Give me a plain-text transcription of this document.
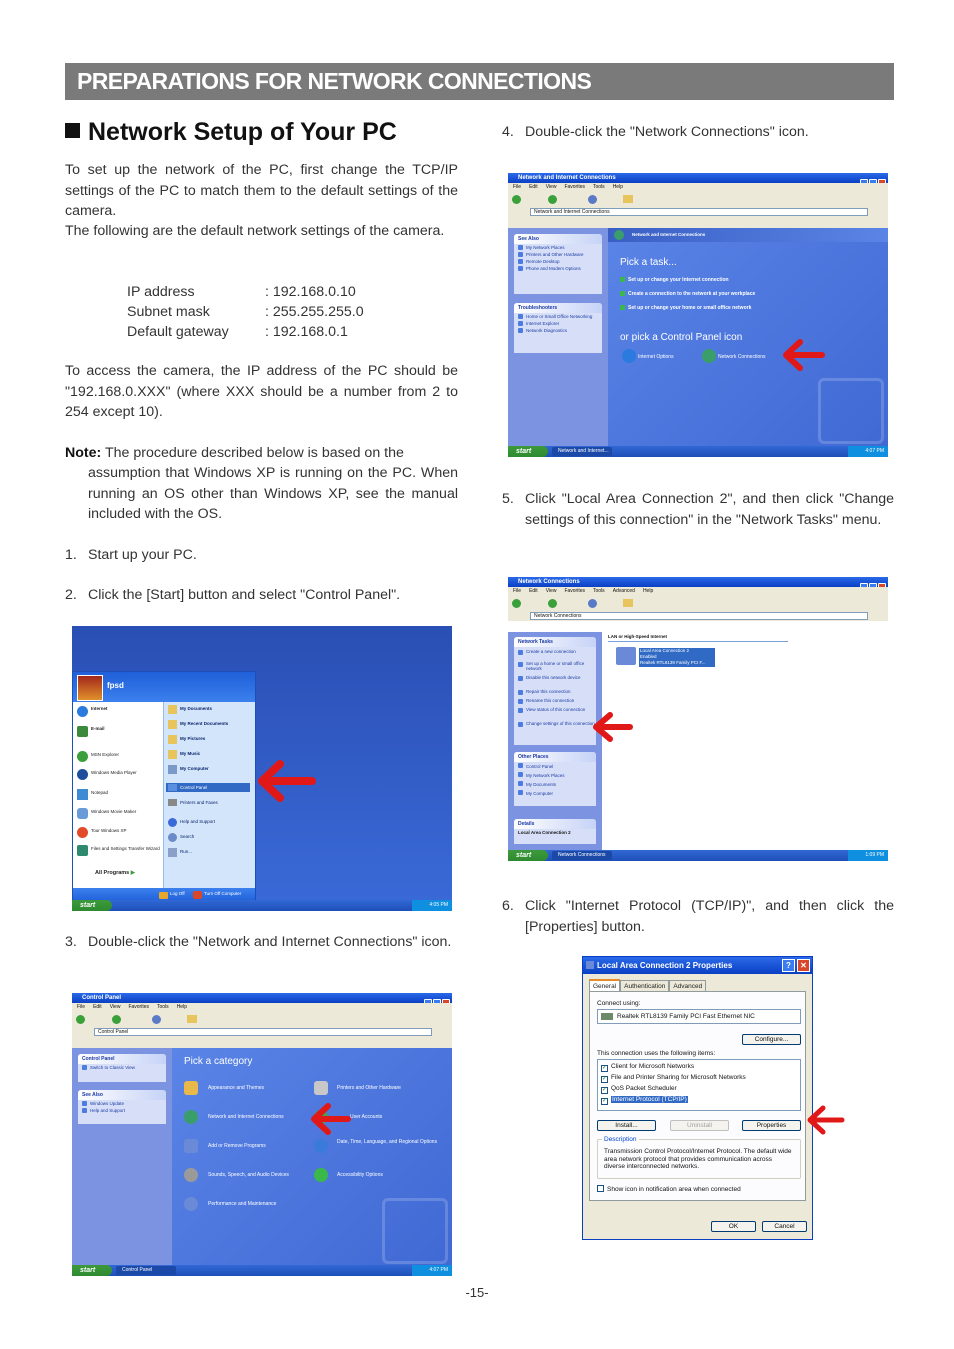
PREPARATIONS FOR NETWORK CONNECTIONS
Network Setup of Your PC
To set up the network of the PC, first change the TCP/IP settings of the PC to match them to the default settings of the camera.
The following are the default network settings of the camera.
IP address	: 192.168.0.10
Subnet mask	: 255.255.255.0
Default gateway	: 192.168.0.1
To access the camera, the IP address of the PC should be "192.168.0.XXX" (where XXX should be a number from 2 to 254 except 10).
Note: The procedure described below is based on the
assumption that Windows XP is running on the PC. When running an OS other than Windows XP, see the manual included with the OS.
1. Start up your PC.
2. Click the [Start] button and select "Control Panel".
3. Double-click the "Network and Internet Connections" icon.
4. Double-click the "Network Connections" icon.
5. Click "Local Area Connection 2", and then click "Change settings of this connection" in the "Network Tasks" menu.
6. Click "Internet Protocol (TCP/IP)", and then click the [Properties] button.
fpsd
Internet
E-mail
MSN Explorer
Windows Media Player
Notepad
Windows Movie Maker
Tour Windows XP
Files and Settings Transfer Wizard
All Programs ▶
My Documents
My Recent Documents
My Pictures
My Music
My Computer
Control Panel
Printers and Faxes
Help and Support
Search
Run...
Log Off	Turn Off Computer
start	4:05 PM
Control Panel
File Edit View Favorites Tools Help
Control Panel
Control Panel
Switch to Classic View
See Also
Windows Update
Help and Support
Pick a category
Appearance and Themes	Printers and Other Hardware
Network and Internet Connections	User Accounts
Add or Remove Programs
Date, Time, Language, and Regional Options
Sounds, Speech, and Audio Devices	Accessibility Options
Performance and Maintenance
start	Control Panel	4:07 PM
Network and Internet Connections
File Edit View Favorites Tools Help
Network and Internet Connections
See Also
My Network Places
Printers and Other Hardware
Remote Desktop
Phone and Modem Options
Troubleshooters
Home or Small Office Networking
Internet Explorer
Network Diagnostics
Network and Internet Connections
Pick a task...
Set up or change your Internet connection
Create a connection to the network at your workplace
Set up or change your home or small office network
or pick a Control Panel icon
Internet Options	Network Connections
start	Network and Internet...	4:07 PM
Network Connections
File Edit View Favorites Tools Advanced Help
Network Connections
Network Tasks
Create a new connection
Set up a home or small office network
Disable this network device
Repair this connection
Rename this connection
View status of this connection
Change settings of this connection
Other Places
Control Panel
My Network Places
My Documents
My Computer
Details
Local Area Connection 2
LAN or High-Speed Internet
Local Area Connection 2
Enabled
Realtek RTL8139 Family PCI F...
start	Network Connections	1:09 PM
Local Area Connection 2 Properties	?	✕
General Authentication Advanced
Connect using:
Realtek RTL8139 Family PCI Fast Ethernet NIC
Configure...
This connection uses the following items:
✓ Client for Microsoft Networks
✓ File and Printer Sharing for Microsoft Networks
✓ QoS Packet Scheduler
✓ Internet Protocol (TCP/IP)
Install...	Uninstall	Properties
Description
Transmission Control Protocol/Internet Protocol. The default wide area network protocol that provides communication across diverse interconnected networks.
Show icon in notification area when connected
OK	Cancel
-15-
